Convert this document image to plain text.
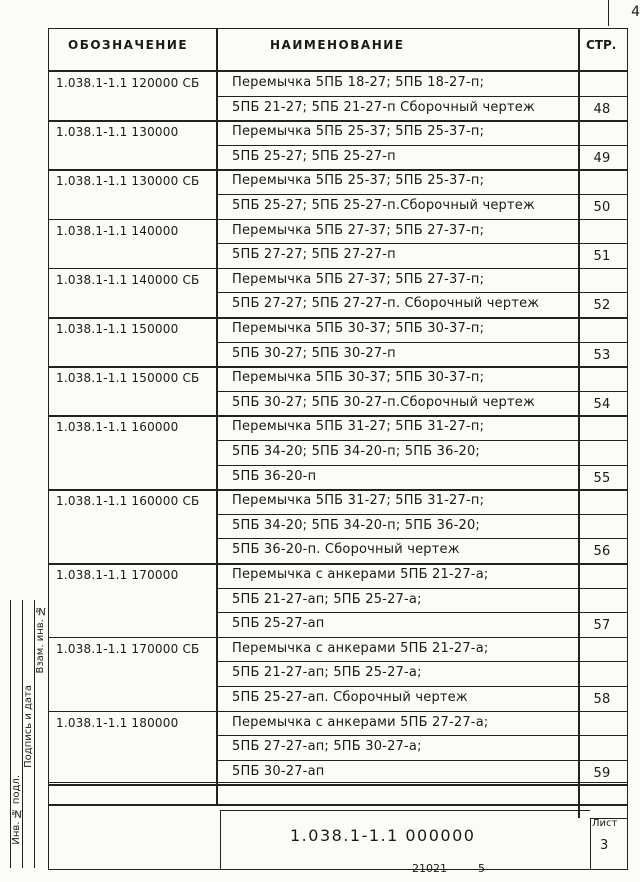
4
ОБОЗНАЧЕНИЕ	НАИМЕНОВАНИЕ	СТР.
1.038.1-1.1 120000 СБ	Перемычка 5ПБ 18-27; 5ПБ 18-27-п;
5ПБ 21-27; 5ПБ 21-27-п Сборочный чертеж	48
1.038.1-1.1 130000	Перемычка 5ПБ 25-37; 5ПБ 25-37-п;
5ПБ 25-27; 5ПБ 25-27-п	49
1.038.1-1.1 130000 СБ	Перемычка 5ПБ 25-37; 5ПБ 25-37-п;
5ПБ 25-27; 5ПБ 25-27-п.Сборочный чертеж	50
1.038.1-1.1 140000	Перемычка 5ПБ 27-37; 5ПБ 27-37-п;
5ПБ 27-27; 5ПБ 27-27-п	51
1.038.1-1.1 140000 СБ	Перемычка 5ПБ 27-37; 5ПБ 27-37-п;
5ПБ 27-27; 5ПБ 27-27-п. Сборочный чертеж	52
1.038.1-1.1 150000	Перемычка 5ПБ 30-37; 5ПБ 30-37-п;
5ПБ 30-27; 5ПБ 30-27-п	53
1.038.1-1.1 150000 СБ	Перемычка 5ПБ 30-37; 5ПБ 30-37-п;
5ПБ 30-27; 5ПБ 30-27-п.Сборочный чертеж	54
1.038.1-1.1 160000	Перемычка 5ПБ 31-27; 5ПБ 31-27-п;
5ПБ 34-20; 5ПБ 34-20-п; 5ПБ 36-20;
5ПБ 36-20-п	55
1.038.1-1.1 160000 СБ	Перемычка 5ПБ 31-27; 5ПБ 31-27-п;
5ПБ 34-20; 5ПБ 34-20-п; 5ПБ 36-20;
5ПБ 36-20-п. Сборочный чертеж	56
1.038.1-1.1 170000	Перемычка с анкерами 5ПБ 21-27-а;
5ПБ 21-27-ап; 5ПБ 25-27-а;
5ПБ 25-27-ап	57
1.038.1-1.1 170000 СБ	Перемычка с анкерами 5ПБ 21-27-а;
5ПБ 21-27-ап; 5ПБ 25-27-а;
5ПБ 25-27-ап. Сборочный чертеж	58
1.038.1-1.1 180000	Перемычка с анкерами 5ПБ 27-27-а;
5ПБ 27-27-ап; 5ПБ 30-27-а;
5ПБ 30-27-ап	59
Инв. № подл.
Подпись и дата
Взам. инв. №
1.038.1-1.1 000000
Лист
3
21021	5
